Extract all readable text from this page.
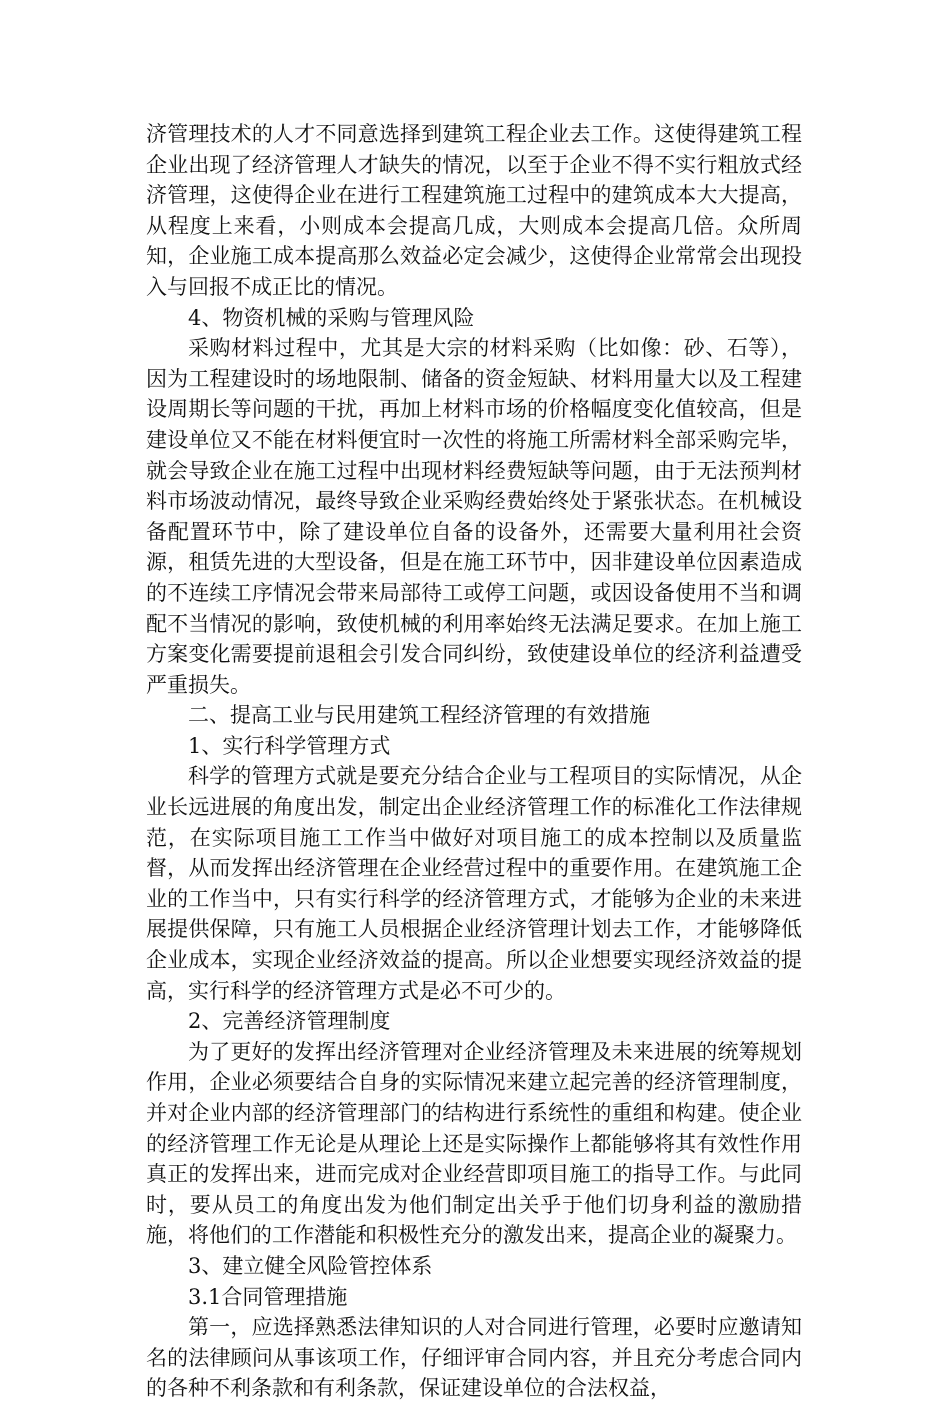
济管理技术的人才不同意选择到建筑工程企业去工作。这使得建筑工程企业出现了经济管理人才缺失的情况，以至于企业不得不实行粗放式经济管理，这使得企业在进行工程建筑施工过程中的建筑成本大大提高，从程度上来看，小则成本会提高几成，大则成本会提高几倍。众所周知，企业施工成本提高那么效益必定会减少，这使得企业常常会出现投入与回报不成正比的情况。

4、物资机械的采购与管理风险

采购材料过程中，尤其是大宗的材料采购（比如像：砂、石等），因为工程建设时的场地限制、储备的资金短缺、材料用量大以及工程建设周期长等问题的干扰，再加上材料市场的价格幅度变化值较高，但是建设单位又不能在材料便宜时一次性的将施工所需材料全部采购完毕，就会导致企业在施工过程中出现材料经费短缺等问题，由于无法预判材料市场波动情况，最终导致企业采购经费始终处于紧张状态。在机械设备配置环节中，除了建设单位自备的设备外，还需要大量利用社会资源，租赁先进的大型设备，但是在施工环节中，因非建设单位因素造成的不连续工序情况会带来局部待工或停工问题，或因设备使用不当和调配不当情况的影响，致使机械的利用率始终无法满足要求。在加上施工方案变化需要提前退租会引发合同纠纷，致使建设单位的经济利益遭受严重损失。

二、提高工业与民用建筑工程经济管理的有效措施

1、实行科学管理方式

科学的管理方式就是要充分结合企业与工程项目的实际情况，从企业长远进展的角度出发，制定出企业经济管理工作的标准化工作法律规范，在实际项目施工工作当中做好对项目施工的成本控制以及质量监督，从而发挥出经济管理在企业经营过程中的重要作用。在建筑施工企业的工作当中，只有实行科学的经济管理方式，才能够为企业的未来进展提供保障，只有施工人员根据企业经济管理计划去工作，才能够降低企业成本，实现企业经济效益的提高。所以企业想要实现经济效益的提高，实行科学的经济管理方式是必不可少的。

2、完善经济管理制度

为了更好的发挥出经济管理对企业经济管理及未来进展的统筹规划作用，企业必须要结合自身的实际情况来建立起完善的经济管理制度，并对企业内部的经济管理部门的结构进行系统性的重组和构建。使企业的经济管理工作无论是从理论上还是实际操作上都能够将其有效性作用真正的发挥出来，进而完成对企业经营即项目施工的指导工作。与此同时，要从员工的角度出发为他们制定出关乎于他们切身利益的激励措施，将他们的工作潜能和积极性充分的激发出来，提高企业的凝聚力。

3、建立健全风险管控体系

3.1合同管理措施

第一，应选择熟悉法律知识的人对合同进行管理，必要时应邀请知名的法律顾问从事该项工作，仔细评审合同内容，并且充分考虑合同内的各种不利条款和有利条款，保证建设单位的合法权益，
